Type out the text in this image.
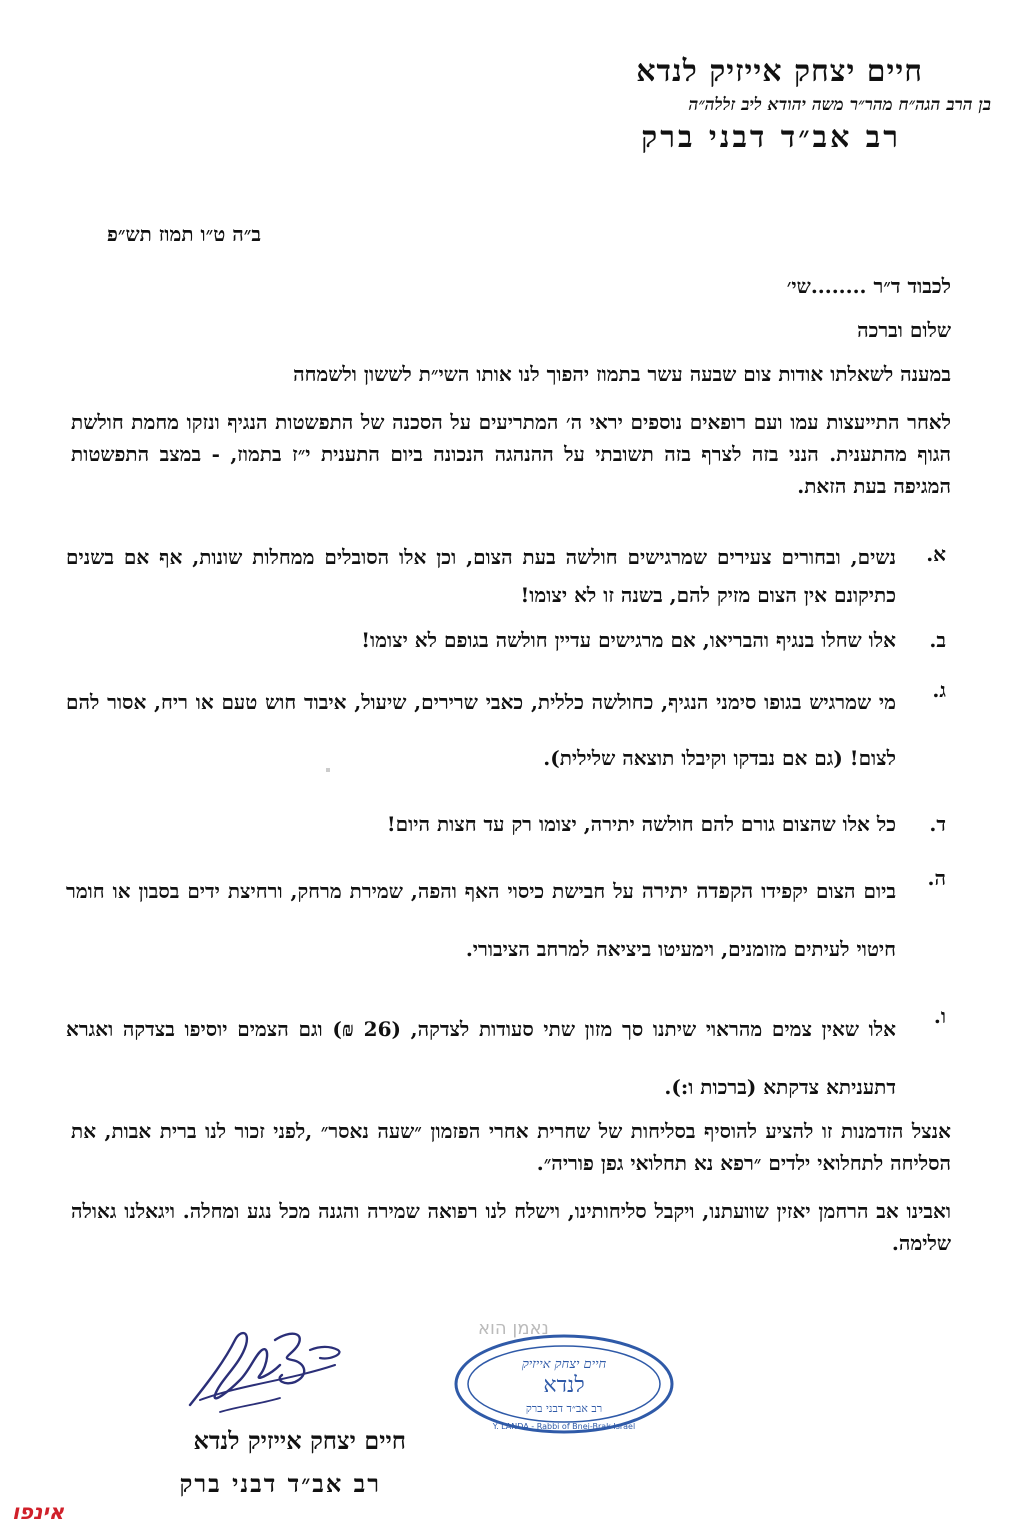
חיים יצחק אייזיק לנדא
בן הרב הגה״ח מהר״ר משה יהודא ליב זללה״ה
רב אב״ד דבני ברק
ב״ה ט״ו תמוז תש״פ
לכבוד ד״ר ........שי׳
שלום וברכה
במענה לשאלתו אודות צום שבעה עשר בתמוז יהפוך לנו אותו השי״ת לששון ולשמחה
לאחר התייעצות עמו ועם רופאים נוספים יראי ה׳ המתריעים על הסכנה של התפשטות הנגיף ונזקו מחמת חולשת הגוף מהתענית. הנני בזה לצרף בזה תשובתי על ההנהגה הנכונה ביום התענית י״ז בתמוז, - במצב התפשטות המגיפה בעת הזאת.
א.
נשים, ובחורים צעירים שמרגישים חולשה בעת הצום, וכן אלו הסובלים ממחלות שונות, אף אם בשנים כתיקונם אין הצום מזיק להם, בשנה זו לא יצומו!
ב.
אלו שחלו בנגיף והבריאו, אם מרגישים עדיין חולשה בגופם לא יצומו!
ג.
מי שמרגיש בגופו סימני הנגיף, כחולשה כללית, כאבי שרירים, שיעול, איבוד חוש טעם או ריח, אסור להם לצום! (גם אם נבדקו וקיבלו תוצאה שלילית).
ד.
כל אלו שהצום גורם להם חולשה יתירה, יצומו רק עד חצות היום!
ה.
ביום הצום יקפידו הקפדה יתירה על חבישת כיסוי האף והפה, שמירת מרחק, ורחיצת ידים בסבון או חומר חיטוי לעיתים מזומנים, וימעיטו ביציאה למרחב הציבורי.
ו.
אלו שאין צמים מהראוי שיתנו סך מזון שתי סעודות לצדקה, (26 ₪) וגם הצמים יוסיפו בצדקה ואגרא דתעניתא צדקתא (ברכות ו:).
אנצל הזדמנות זו להציע להוסיף בסליחות של שחרית אחרי הפזמון ״שעה נאסר״ ,לפני זכור לנו ברית אבות, את הסליחה לתחלואי ילדים ״רפא נא תחלואי גפן פוריה״.
ואבינו אב הרחמן יאזין שוועתנו, ויקבל סליחותינו, וישלח לנו רפואה שמירה והגנה מכל נגע ומחלה. ויגאלנו גאולה שלימה.
נאמן הוא
חיים יצחק אייזיק
לנדא
רב אב״ד דבני ברק
Y. LANDA - Rabbi of Bnei-Brak Israel
חיים יצחק אייזיק לנדא
רב אב״ד דבני ברק
אינפו
